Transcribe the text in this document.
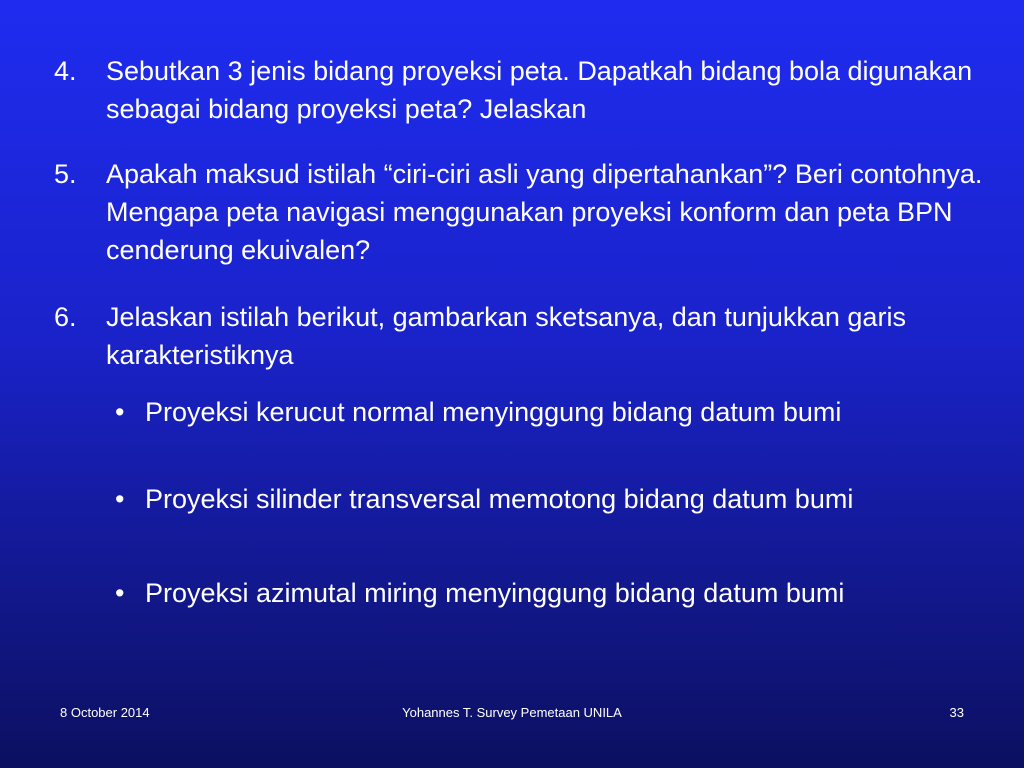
4.	Sebutkan 3 jenis bidang proyeksi peta. Dapatkah bidang bola digunakan sebagai bidang proyeksi peta? Jelaskan
5.	Apakah maksud istilah “ciri-ciri asli yang dipertahankan”? Beri contohnya. Mengapa peta navigasi menggunakan proyeksi konform dan peta BPN cenderung ekuivalen?
6.	Jelaskan istilah berikut, gambarkan sketsanya, dan tunjukkan garis karakteristiknya
• Proyeksi kerucut normal menyinggung bidang datum bumi
• Proyeksi silinder transversal memotong bidang datum bumi
• Proyeksi azimutal miring menyinggung bidang datum bumi
8 October 2014	Yohannes T. Survey Pemetaan UNILA	33
